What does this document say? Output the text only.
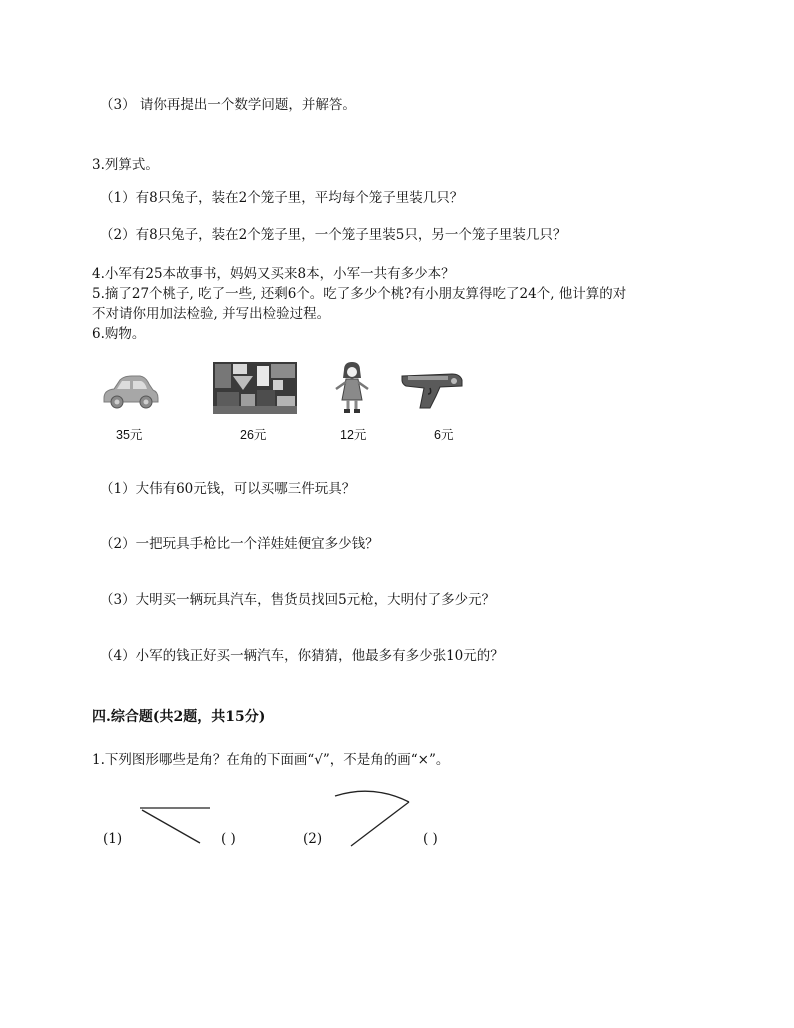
（3） 请你再提出一个数学问题，并解答。
3.列算式。
（1）有8只兔子，装在2个笼子里，平均每个笼子里装几只？
（2）有8只兔子，装在2个笼子里，一个笼子里装5只，另一个笼子里装几只？
4.小军有25本故事书，妈妈又买来8本，小军一共有多少本？
5.摘了27个桃子, 吃了一些, 还剩6个。吃了多少个桃?有小朋友算得吃了24个, 他计算的对
不对请你用加法检验, 并写出检验过程。
6.购物。
35元	26元	12元	6元
（1）大伟有60元钱，可以买哪三件玩具？
（2）一把玩具手枪比一个洋娃娃便宜多少钱？
（3）大明买一辆玩具汽车，售货员找回5元枪，大明付了多少元？
（4）小军的钱正好买一辆汽车，你猜猜，他最多有多少张10元的？
四.综合题(共2题，共15分)
1.下列图形哪些是角？在角的下面画“√”，不是角的画“×”。
(1)	( )	(2)	( )
